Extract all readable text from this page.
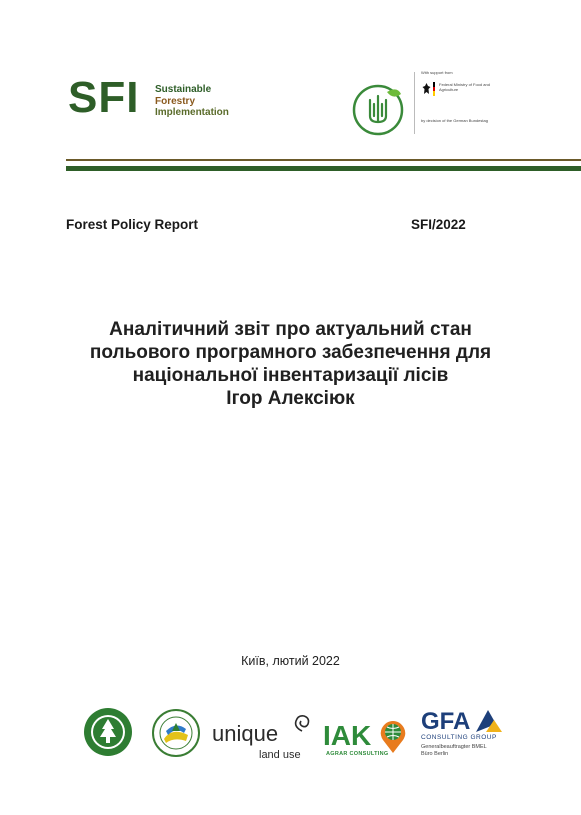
SFI Sustainable
Forestry
Implementation
With support from
Federal Ministry of Food and Agriculture
by decision of the German Bundestag
Forest Policy Report	SFI/2022
Аналітичний звіт про актуальний стан
польового програмного забезпечення для
національної інвентаризації лісів
Ігор Алексіюк
Київ, лютий 2022
unique
land use
IAK
AGRAR CONSULTING
GFA
CONSULTING GROUP
Generalbeauftragter BMEL
Büro Berlin
